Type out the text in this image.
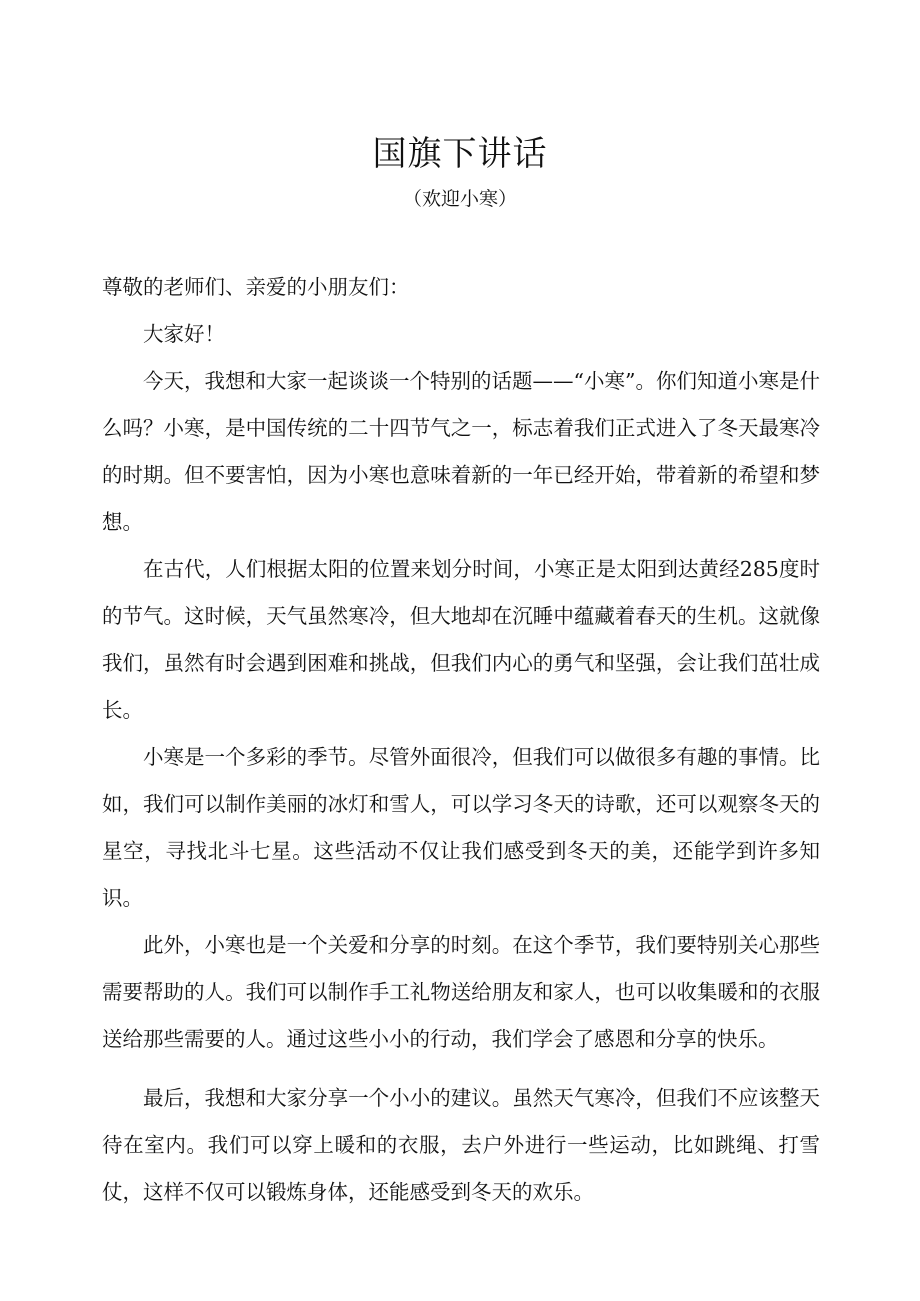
国旗下讲话
（欢迎小寒）

尊敬的老师们、亲爱的小朋友们：

大家好！

今天，我想和大家一起谈谈一个特别的话题——“小寒”。你们知道小寒是什么吗？小寒，是中国传统的二十四节气之一，标志着我们正式进入了冬天最寒冷的时期。但不要害怕，因为小寒也意味着新的一年已经开始，带着新的希望和梦想。

在古代，人们根据太阳的位置来划分时间，小寒正是太阳到达黄经285度时的节气。这时候，天气虽然寒冷，但大地却在沉睡中蕴藏着春天的生机。这就像我们，虽然有时会遇到困难和挑战，但我们内心的勇气和坚强，会让我们茁壮成长。

小寒是一个多彩的季节。尽管外面很冷，但我们可以做很多有趣的事情。比如，我们可以制作美丽的冰灯和雪人，可以学习冬天的诗歌，还可以观察冬天的星空，寻找北斗七星。这些活动不仅让我们感受到冬天的美，还能学到许多知识。

此外，小寒也是一个关爱和分享的时刻。在这个季节，我们要特别关心那些需要帮助的人。我们可以制作手工礼物送给朋友和家人，也可以收集暖和的衣服送给那些需要的人。通过这些小小的行动，我们学会了感恩和分享的快乐。

最后，我想和大家分享一个小小的建议。虽然天气寒冷，但我们不应该整天待在室内。我们可以穿上暖和的衣服，去户外进行一些运动，比如跳绳、打雪仗，这样不仅可以锻炼身体，还能感受到冬天的欢乐。
